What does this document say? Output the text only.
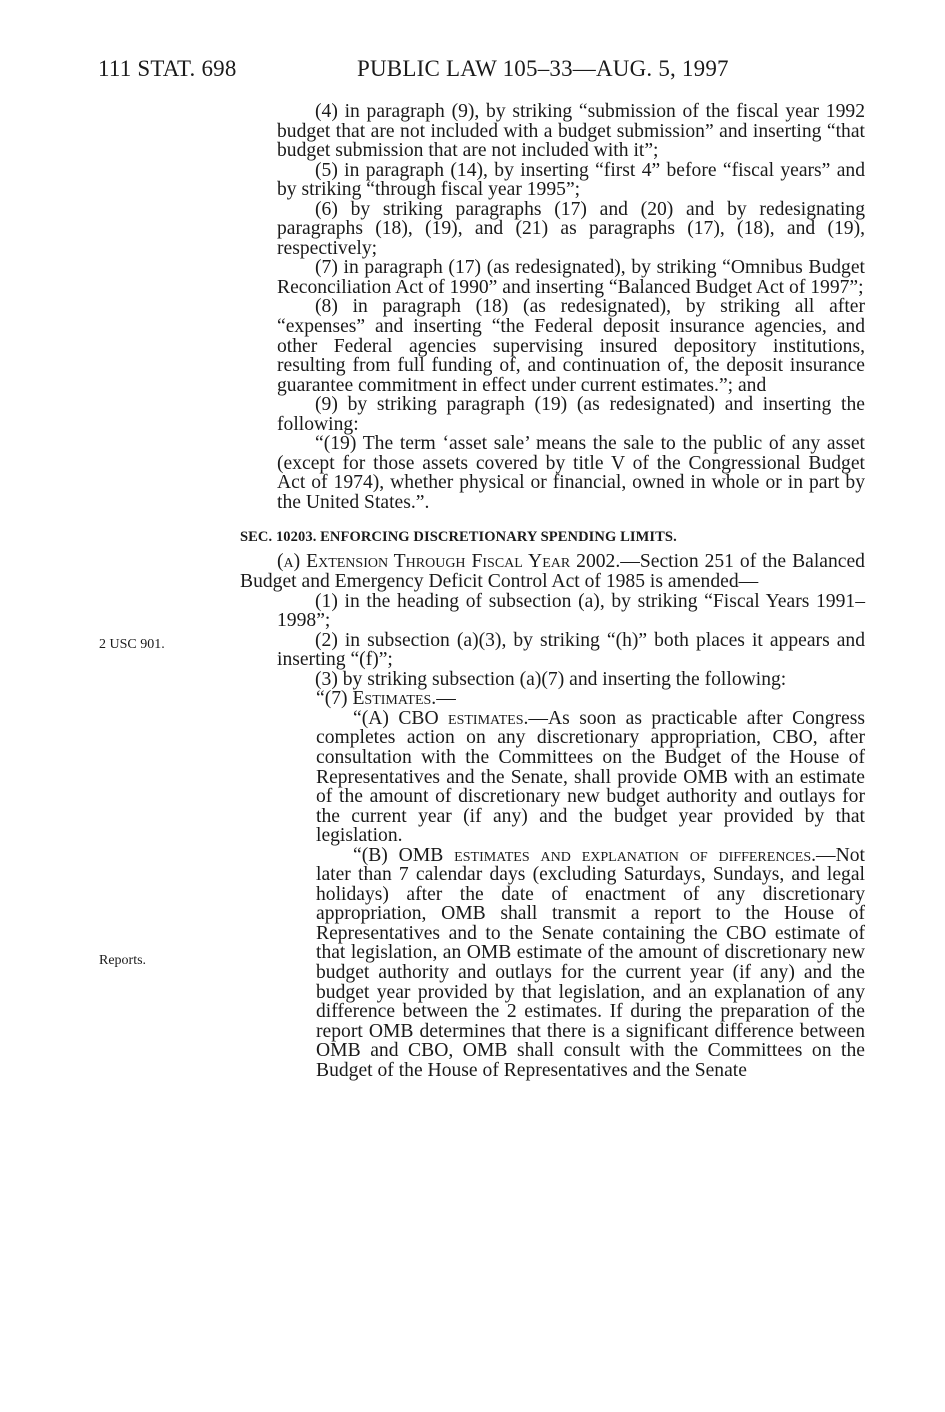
111 STAT. 698	PUBLIC LAW 105–33—AUG. 5, 1997
2 USC 901.
Reports.

(4) in paragraph (9), by striking “submission of the fiscal year 1992 budget that are not included with a budget submission” and inserting “that budget submission that are not included with it”;

(5) in paragraph (14), by inserting “first 4” before “fiscal years” and by striking “through fiscal year 1995”;

(6) by striking paragraphs (17) and (20) and by redesignating paragraphs (18), (19), and (21) as paragraphs (17), (18), and (19), respectively;

(7) in paragraph (17) (as redesignated), by striking “Omnibus Budget Reconciliation Act of 1990” and inserting “Balanced Budget Act of 1997”;

(8) in paragraph (18) (as redesignated), by striking all after “expenses” and inserting “the Federal deposit insurance agencies, and other Federal agencies supervising insured depository institutions, resulting from full funding of, and continuation of, the deposit insurance guarantee commitment in effect under current estimates.”; and

(9) by striking paragraph (19) (as redesignated) and inserting the following:

“(19) The term ‘asset sale’ means the sale to the public of any asset (except for those assets covered by title V of the Congressional Budget Act of 1974), whether physical or financial, owned in whole or in part by the United States.”.

SEC. 10203. ENFORCING DISCRETIONARY SPENDING LIMITS.

(a) Extension Through Fiscal Year 2002.—Section 251 of the Balanced Budget and Emergency Deficit Control Act of 1985 is amended—

(1) in the heading of subsection (a), by striking “Fiscal Years 1991–1998”;

(2) in subsection (a)(3), by striking “(h)” both places it appears and inserting “(f)”;

(3) by striking subsection (a)(7) and inserting the following:

“(7) Estimates.—

“(A) CBO estimates.—As soon as practicable after Congress completes action on any discretionary appropriation, CBO, after consultation with the Committees on the Budget of the House of Representatives and the Senate, shall provide OMB with an estimate of the amount of discretionary new budget authority and outlays for the current year (if any) and the budget year provided by that legislation.

“(B) OMB estimates and explanation of differences.—Not later than 7 calendar days (excluding Saturdays, Sundays, and legal holidays) after the date of enactment of any discretionary appropriation, OMB shall transmit a report to the House of Representatives and to the Senate containing the CBO estimate of that legislation, an OMB estimate of the amount of discretionary new budget authority and outlays for the current year (if any) and the budget year provided by that legislation, and an explanation of any difference between the 2 estimates. If during the preparation of the report OMB determines that there is a significant difference between OMB and CBO, OMB shall consult with the Committees on the Budget of the House of Representatives and the Senate
